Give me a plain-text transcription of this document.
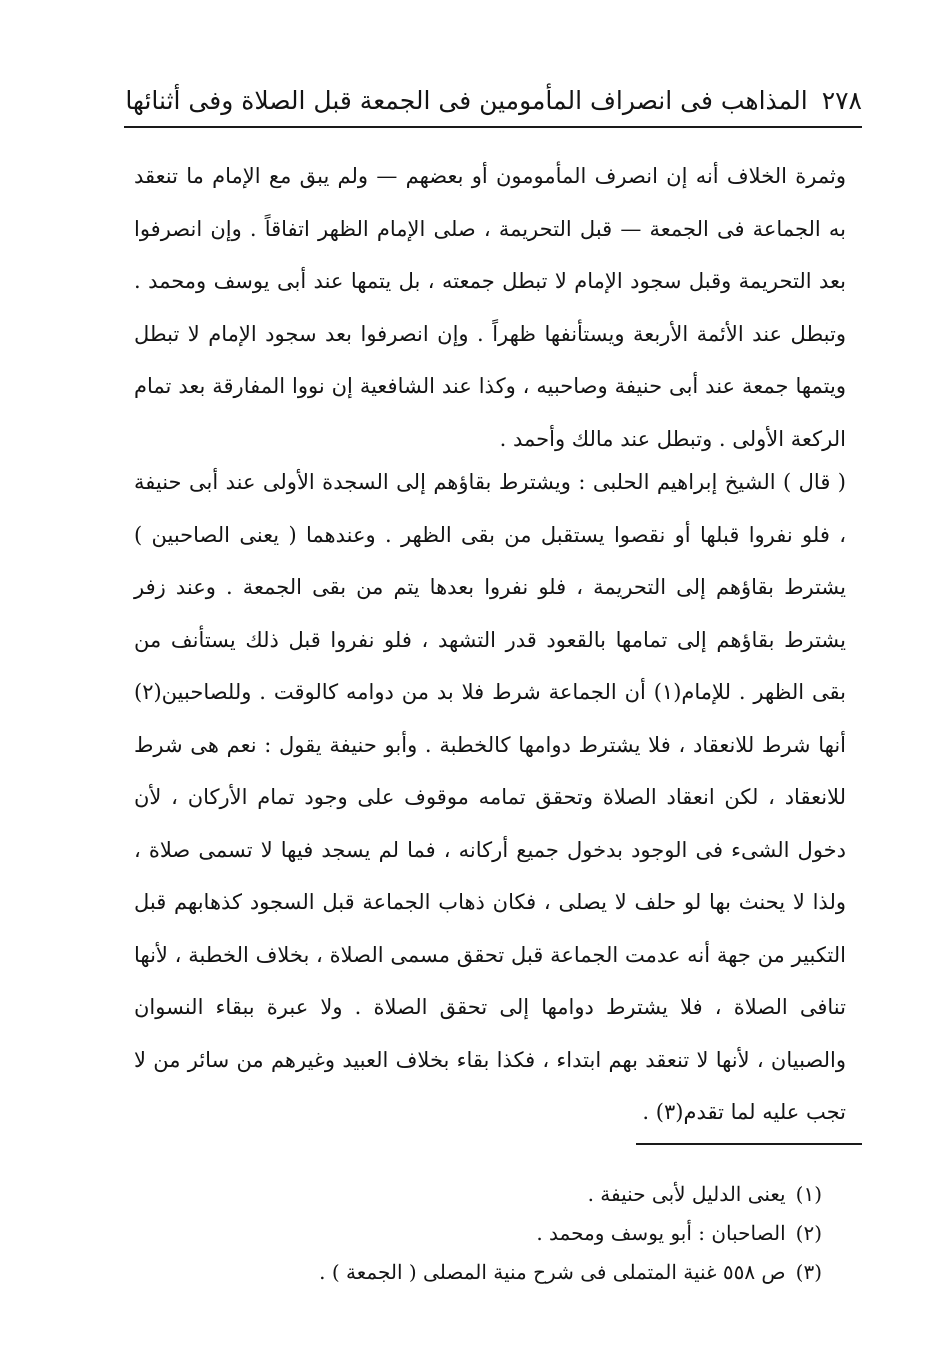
٢٧٨
المذاهب فى انصراف المأمومين فى الجمعة قبل الصلاة وفى أثنائها

وثمرة الخلاف أنه إن انصرف المأمومون أو بعضهم — ولم يبق مع الإمام ما تنعقد به الجماعة فى الجمعة — قبل التحريمة ، صلى الإمام الظهر اتفاقاً . وإن انصرفوا بعد التحريمة وقبل سجود الإمام لا تبطل جمعته ، بل يتمها عند أبى يوسف ومحمد . وتبطل عند الأئمة الأربعة ويستأنفها ظهراً . وإن انصرفوا بعد سجود الإمام لا تبطل ويتمها جمعة عند أبى حنيفة وصاحبيه ، وكذا عند الشافعية إن نووا المفارقة بعد تمام الركعة الأولى . وتبطل عند مالك وأحمد .

( قال ) الشيخ إبراهيم الحلبى : ويشترط بقاؤهم إلى السجدة الأولى عند أبى حنيفة ، فلو نفروا قبلها أو نقصوا يستقبل من بقى الظهر . وعندهما ( يعنى الصاحبين ) يشترط بقاؤهم إلى التحريمة ، فلو نفروا بعدها يتم من بقى الجمعة . وعند زفر يشترط بقاؤهم إلى تمامها بالقعود قدر التشهد ، فلو نفروا قبل ذلك يستأنف من بقى الظهر . للإمام(١) أن الجماعة شرط فلا بد من دوامه كالوقت . وللصاحبين(٢) أنها شرط للانعقاد ، فلا يشترط دوامها كالخطبة . وأبو حنيفة يقول : نعم هى شرط للانعقاد ، لكن انعقاد الصلاة وتحقق تمامه موقوف على وجود تمام الأركان ، لأن دخول الشىء فى الوجود بدخول جميع أركانه ، فما لم يسجد فيها لا تسمى صلاة ، ولذا لا يحنث بها لو حلف لا يصلى ، فكان ذهاب الجماعة قبل السجود كذهابهم قبل التكبير من جهة أنه عدمت الجماعة قبل تحقق مسمى الصلاة ، بخلاف الخطبة ، لأنها تنافى الصلاة ، فلا يشترط دوامها إلى تحقق الصلاة . ولا عبرة ببقاء النسوان والصبيان ، لأنها لا تنعقد بهم ابتداء ، فكذا بقاء بخلاف العبيد وغيرهم من سائر من لا تجب عليه لما تقدم(٣) .

(١)يعنى الدليل لأبى حنيفة .
(٢)الصاحبان : أبو يوسف ومحمد .
(٣)ص ٥٥٨ غنية المتملى فى شرح منية المصلى ( الجمعة ) .
